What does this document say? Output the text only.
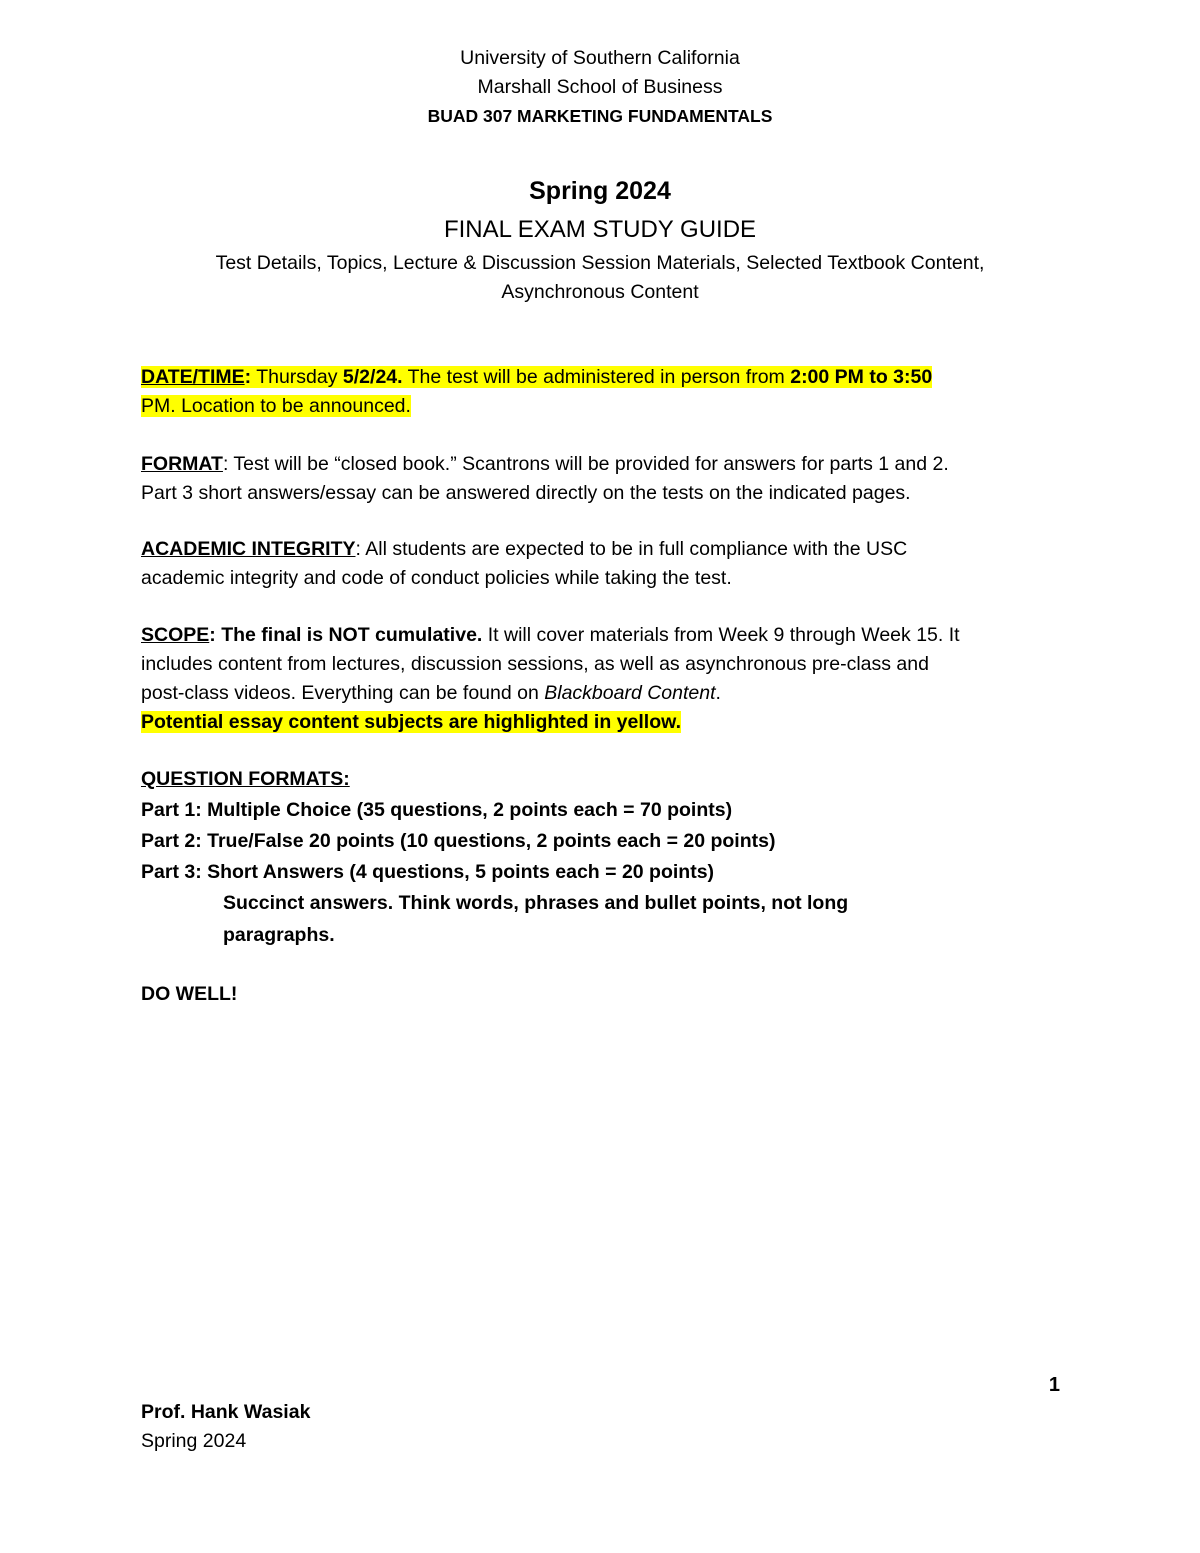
University of Southern California
Marshall School of Business
BUAD 307 MARKETING FUNDAMENTALS
Spring 2024
FINAL EXAM STUDY GUIDE
Test Details, Topics, Lecture & Discussion Session Materials, Selected Textbook Content,
Asynchronous Content
DATE/TIME: Thursday 5/2/24. The test will be administered in person from 2:00 PM to 3:50
PM. Location to be announced.
FORMAT: Test will be “closed book.” Scantrons will be provided for answers for parts 1 and 2.
Part 3 short answers/essay can be answered directly on the tests on the indicated pages.
ACADEMIC INTEGRITY: All students are expected to be in full compliance with the USC
academic integrity and code of conduct policies while taking the test.
SCOPE: The final is NOT cumulative. It will cover materials from Week 9 through Week 15. It
includes content from lectures, discussion sessions, as well as asynchronous pre-class and
post-class videos. Everything can be found on Blackboard Content.
Potential essay content subjects are highlighted in yellow.
QUESTION FORMATS:
Part 1: Multiple Choice (35 questions, 2 points each = 70 points)
Part 2: True/False 20 points (10 questions, 2 points each = 20 points)
Part 3: Short Answers (4 questions, 5 points each = 20 points)
Succinct answers. Think words, phrases and bullet points, not long
paragraphs.
DO WELL!
1
Prof. Hank Wasiak
Spring 2024
